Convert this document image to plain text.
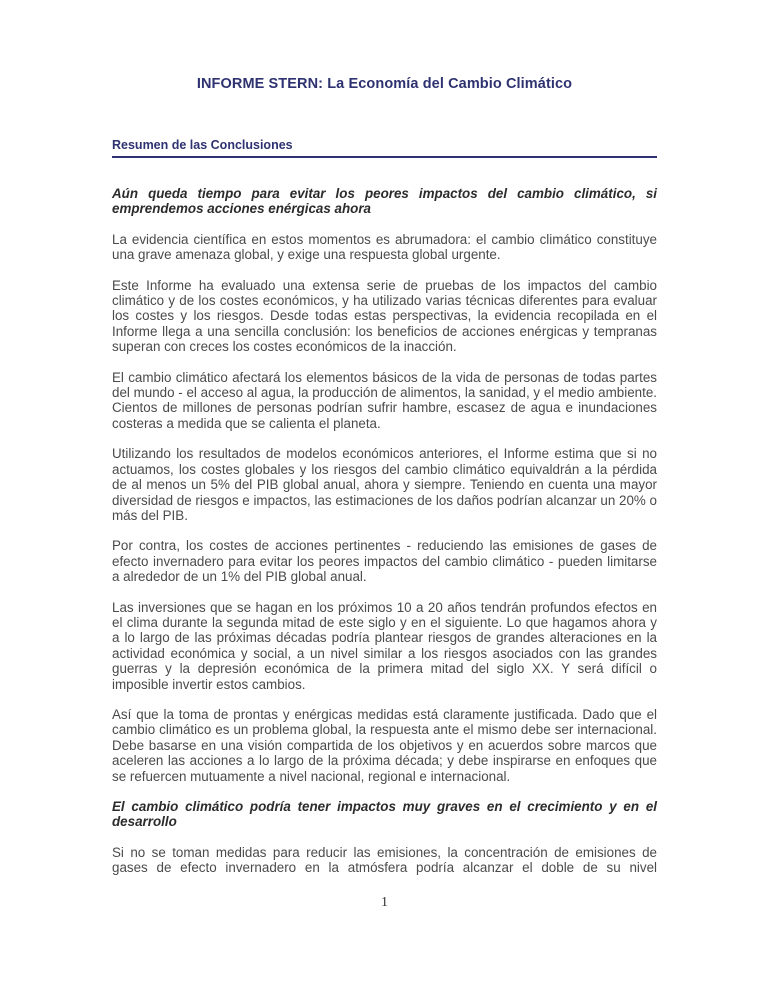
INFORME STERN: La Economía del Cambio Climático
Resumen de las Conclusiones

Aún queda tiempo para evitar los peores impactos del cambio climático, si emprendemos acciones enérgicas ahora

La evidencia científica en estos momentos es abrumadora: el cambio climático constituye una grave amenaza global, y exige una respuesta global urgente.

Este Informe ha evaluado una extensa serie de pruebas de los impactos del cambio climático y de los costes económicos, y ha utilizado varias técnicas diferentes para evaluar los costes y los riesgos. Desde todas estas perspectivas, la evidencia recopilada en el Informe llega a una sencilla conclusión: los beneficios de acciones enérgicas y tempranas superan con creces los costes económicos de la inacción.

El cambio climático afectará los elementos básicos de la vida de personas de todas partes del mundo - el acceso al agua, la producción de alimentos, la sanidad, y el medio ambiente. Cientos de millones de personas podrían sufrir hambre, escasez de agua e inundaciones costeras a medida que se calienta el planeta.

Utilizando los resultados de modelos económicos anteriores, el Informe estima que si no actuamos, los costes globales y los riesgos del cambio climático equivaldrán a la pérdida de al menos un 5% del PIB global anual, ahora y siempre. Teniendo en cuenta una mayor diversidad de riesgos e impactos, las estimaciones de los daños podrían alcanzar un 20% o más del PIB.

Por contra, los costes de acciones pertinentes - reduciendo las emisiones de gases de efecto invernadero para evitar los peores impactos del cambio climático - pueden limitarse a alrededor de un 1% del PIB global anual.

Las inversiones que se hagan en los próximos 10 a 20 años tendrán profundos efectos en el clima durante la segunda mitad de este siglo y en el siguiente. Lo que hagamos ahora y a lo largo de las próximas décadas podría plantear riesgos de grandes alteraciones en la actividad económica y social, a un nivel similar a los riesgos asociados con las grandes guerras y la depresión económica de la primera mitad del siglo XX. Y será difícil o imposible invertir estos cambios.

Así que la toma de prontas y enérgicas medidas está claramente justificada. Dado que el cambio climático es un problema global, la respuesta ante el mismo debe ser internacional. Debe basarse en una visión compartida de los objetivos y en acuerdos sobre marcos que aceleren las acciones a lo largo de la próxima década; y debe inspirarse en enfoques que se refuercen mutuamente a nivel nacional, regional e internacional.

El cambio climático podría tener impactos muy graves en el crecimiento y en el desarrollo

Si no se toman medidas para reducir las emisiones, la concentración de emisiones de gases de efecto invernadero en la atmósfera podría alcanzar el doble de su nivel

1
